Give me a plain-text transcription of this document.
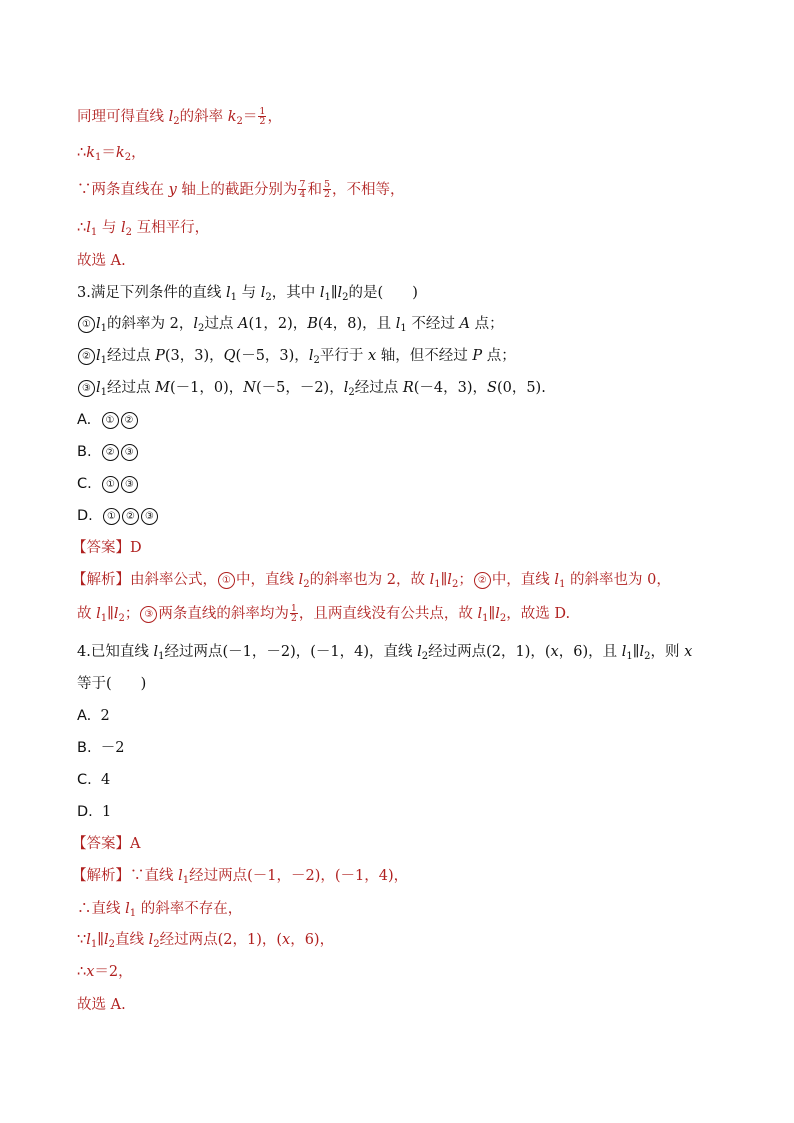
同理可得直线 $l_2$的斜率 $k_2= \frac{1}{2}$ ，
$\therefore k_1=k_2$，
∵两条直线在 y 轴上的截距分别为 $\frac{7}{4}$ 和 $\frac{5}{2}$ ，不相等，
$\therefore l_1$ 与 $l_2$ 互相平行，
故选 A.
3.满足下列条件的直线 $l_1$ 与 $l_2$，其中 $l_1\parallel l_2$的是(　　)
① $l_1$的斜率为 2，$l_2$过点 A(1，2)，B(4，8)，且 $l_1$ 不经过 A 点；
② $l_1$经过点 P(3，3)，Q(－5，3)，$l_2$平行于 x 轴，但不经过 P 点；
③ $l_1$经过点 M(－1，0)，N(－5，－2)，$l_2$经过点 R(－4，3)，S(0，5).
A. ① ②
B. ② ③
C. ① ③
D. ① ② ③
【答案】D
【解析】由斜率公式， ① 中，直线 $l_2$的斜率也为 2，故 $l_1\parallel l_2$； ② 中，直线 $l_1$ 的斜率也为 0，
故 $l_1\parallel l_2$； ③ 两条直线的斜率均为 $\frac{1}{2}$ ，且两直线没有公共点，故 $l_1\parallel l_2$，故选 D.
4.已知直线 $l_1$经过两点(－1，－2)，(－1，4)，直线 $l_2$经过两点(2，1)，(x，6)，且 $l_1\parallel l_2$，则 x
等于(　　)
A. 2
B. －2
C. 4
D. 1
【答案】A
【解析】∵直线 $l_1$经过两点(－1，－2)，(－1，4)，
∴直线 $l_1$ 的斜率不存在，
$\because l_1\parallel l_2$直线 $l_2$经过两点(2，1)，(x，6)，
∴x＝2，
故选 A.
